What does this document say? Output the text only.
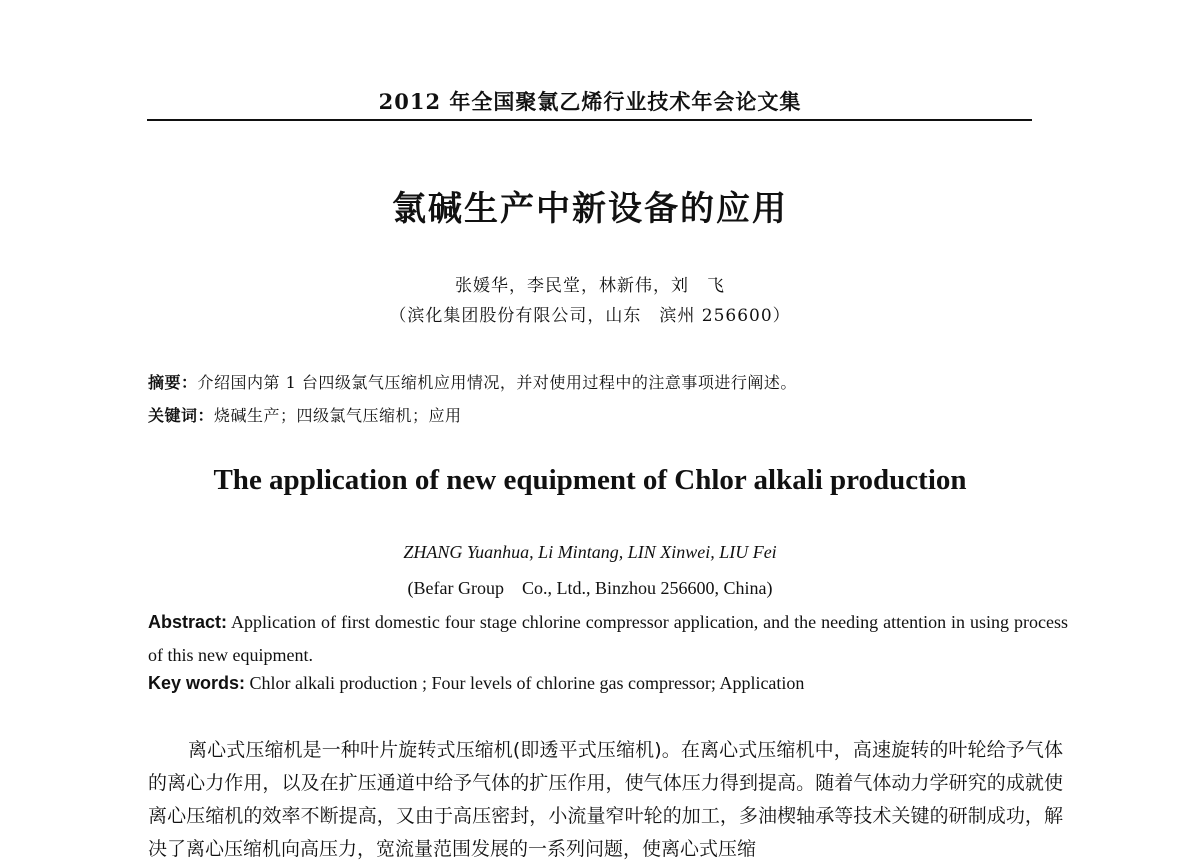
2012 年全国聚氯乙烯行业技术年会论文集
氯碱生产中新设备的应用
张媛华，李民堂，林新伟，刘　飞
（滨化集团股份有限公司，山东　滨州 256600）
摘要：介绍国内第 1 台四级氯气压缩机应用情况，并对使用过程中的注意事项进行阐述。
关键词：烧碱生产；四级氯气压缩机；应用
The application of new equipment of Chlor alkali production
ZHANG Yuanhua, Li Mintang, LIN Xinwei, LIU Fei
(Befar Group　Co., Ltd., Binzhou 256600, China)
Abstract: Application of first domestic four stage chlorine compressor application, and the needing attention in using process of this new equipment.
Key words: Chlor alkali production ; Four levels of chlorine gas compressor; Application
离心式压缩机是一种叶片旋转式压缩机(即透平式压缩机)。在离心式压缩机中，高速旋转的叶轮给予气体的离心力作用，以及在扩压通道中给予气体的扩压作用，使气体压力得到提高。随着气体动力学研究的成就使离心压缩机的效率不断提高，又由于高压密封，小流量窄叶轮的加工，多油楔轴承等技术关键的研制成功，解决了离心压缩机向高压力，宽流量范围发展的一系列问题，使离心式压缩
